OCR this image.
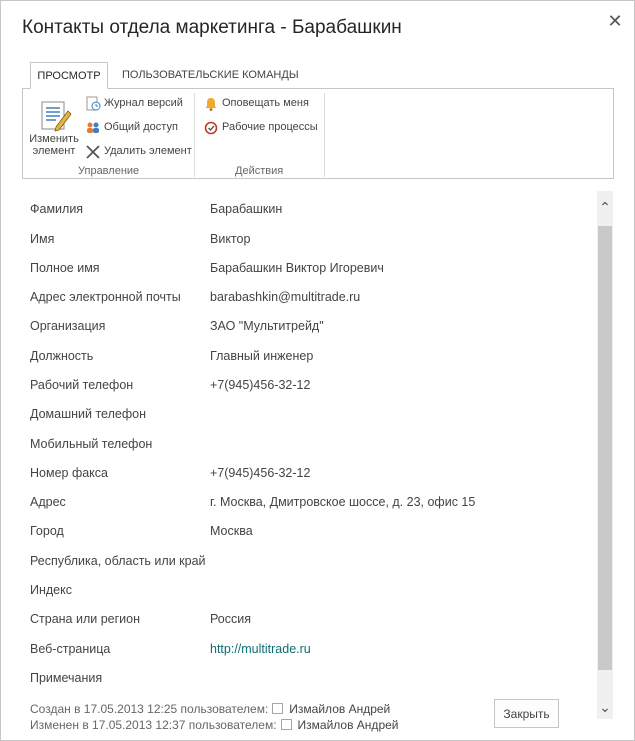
Контакты отдела маркетинга - Барабашкин	✕
ПРОСМОТР	ПОЛЬЗОВАТЕЛЬСКИЕ КОМАНДЫ
Изменить
элемент
Журнал версий
Общий доступ
Удалить элемент
Управление
Оповещать меня
Рабочие процессы
Действия
Фамилия	Барабашкин
Имя	Виктор
Полное имя	Барабашкин Виктор Игоревич
Адрес электронной почты barabashkin@multitrade.ru
Организация	ЗАО "Мультитрейд"
Должность	Главный инженер
Рабочий телефон	+7(945)456-32-12
Домашний телефон
Мобильный телефон
Номер факса	+7(945)456-32-12
Адрес	г. Москва, Дмитровское шоссе, д. 23, офис 15
Город	Москва
Республика, область или край
Индекс
Страна или регион	Россия
Веб-страница	http://multitrade.ru
Примечания
⌃
⌄
Создан в 17.05.2013 12:25 пользователем: Измайлов Андрей
Изменен в 17.05.2013 12:37 пользователем: Измайлов Андрей
Закрыть
